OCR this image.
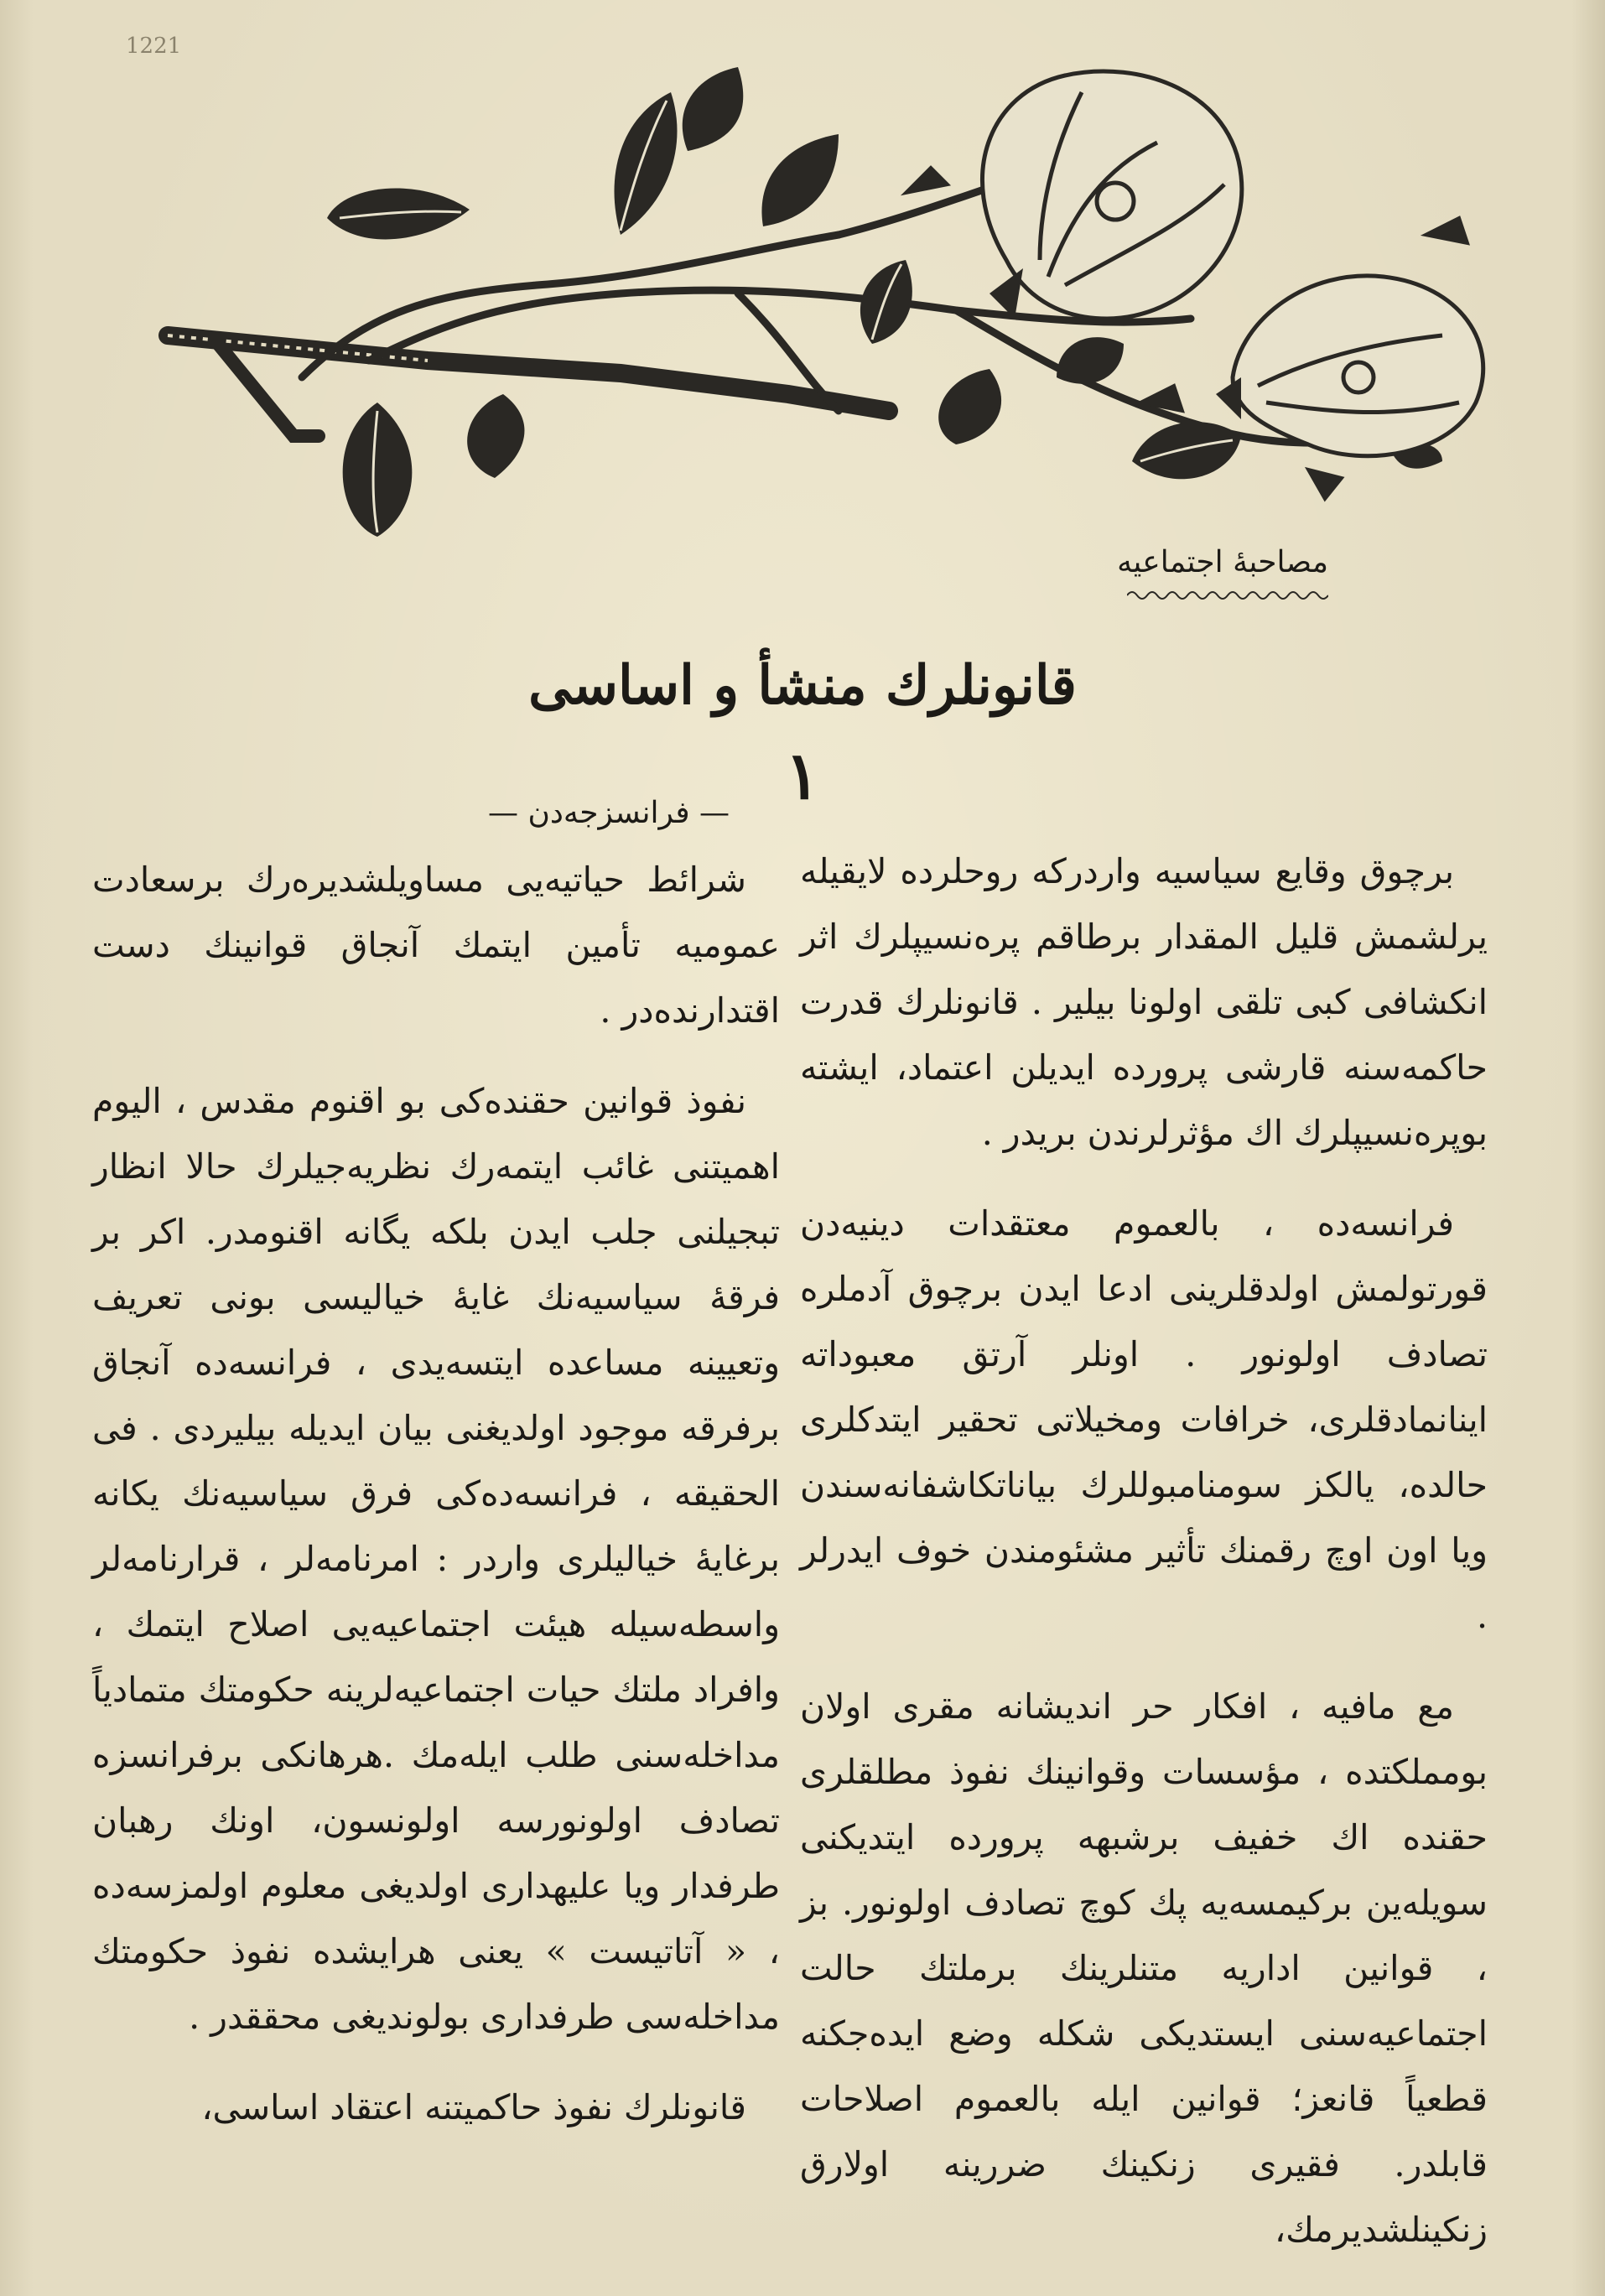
1221
مصاحبهٔ اجتماعیه
قانونلرك منشأ و اساسى
١

برچوق وقایع سیاسیه واردركه روحلرده لایقیله یرلشمش قلیل المقدار برطاقم پره‌نسیپلرك اثر انكشافی كبی تلقی اولونا بیلیر . قانونلرك قدرت حاكمه‌سنه قارشی پرورده ایدیلن اعتماد، ایشته بوپره‌نسیپلرك اك مؤثرلرندن بریدر .

فرانسه‌ده ، بالعموم معتقدات دینیه‌دن قورتولمش اولدقلرینی ادعا ایدن برچوق آدملره تصادف اولونور . اونلر آرتق معبوداته اینانمادقلری، خرافات ومخیلاتی تحقیر ایتدكلری حالده، یالكز سومنامبوللرك بیاناتكاشفانه‌سندن ویا اون اوچ رقمنك تأثیر مشئومندن خوف ایدرلر .

مع مافیه ، افكار حر اندیشانه مقری اولان بومملكتده ، مؤسسات وقوانینك نفوذ مطلقلری حقنده اك خفیف برشبهه پرورده ایتدیكنی سویله‌ین بركیمسه‌یه پك كوچ تصادف اولونور. بز ، قوانین اداریه متنلرینك برملتك حالت اجتماعیه‌سنی ایستدیكی شكله وضع ایده‌جكنه قطعیاً قانعز؛ قوانین ایله بالعموم اصلاحات قابلدر. فقیری زنكینك ضررینه اولارق زنكینلشدیرمك،

— فرانسزجه‌دن —

شرائط حیاتیه‌یی مساویلشدیره‌رك برسعادت عمومیه تأمین ایتمك آنجاق قوانینك دست اقتدارنده‌در .

نفوذ قوانین حقنده‌كی بو اقنوم مقدس ، الیوم اهمیتنی غائب ایتمه‌رك نظریه‌جیلرك حالا انظار تبجیلنی جلب ایدن بلكه یگانه اقنومدر. اكر بر فرقهٔ سیاسیه‌نك غایهٔ خیالیسی بونی تعریف وتعیینه مساعده ایتسه‌یدی ، فرانسه‌ده آنجاق برفرقه موجود اولدیغنی بیان ایدیله بیلیردی . فی الحقیقه ، فرانسه‌ده‌كی فرق سیاسیه‌نك یكانه برغایهٔ خیالیلری واردر : امرنامه‌لر ، قرارنامه‌لر واسطه‌سیله هیئت اجتماعیه‌یی اصلاح ایتمك ، وافراد ملتك حیات اجتماعیه‌لرینه حكومتك متمادیاً مداخله‌سنی طلب ایله‌مك .هرهانكی برفرانسزه تصادف اولونورسه اولونسون، اونك رهبان طرفدار ویا علیهداری اولدیغی معلوم اولمزسه‌ده ، « آتاتیست » یعنی هرایشده نفوذ حكومتك مداخله‌سی طرفداری بولوندیغی محققدر .

قانونلرك نفوذ حاكمیتنه اعتقاد اساسی،
